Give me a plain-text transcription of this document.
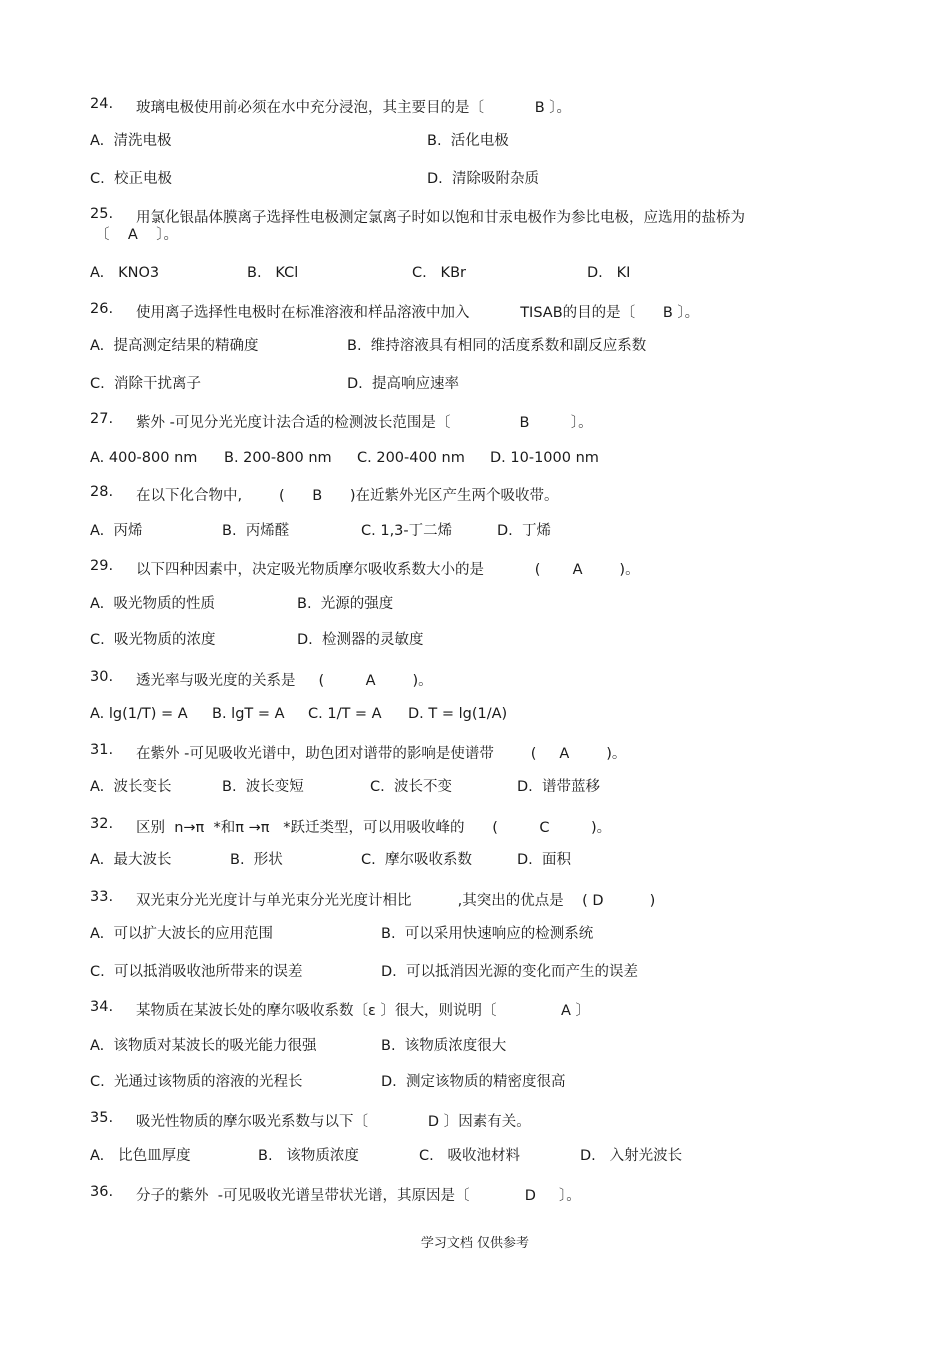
24.	玻璃电极使用前必须在水中充分浸泡，其主要目的是〔           B 〕。
A.  清洗电极	B.  活化电极
C.  校正电极	D.  清除吸附杂质
25.	用氯化银晶体膜离子选择性电极测定氯离子时如以饱和甘汞电极作为参比电极，应选用的盐桥为
〔    A    〕。
A.   KNO3	B.   KCl	C.   KBr	D.   KI
26.	使用离子选择性电极时在标准溶液和样品溶液中加入           TISAB的目的是〔      B 〕。
A.  提高测定结果的精确度	B.  维持溶液具有相同的活度系数和副反应系数
C.  消除干扰离子	D.  提高响应速率
27.	紫外 -可见分光光度计法合适的检测波长范围是〔               B         〕。
A. 400-800 nm B. 200-800 nm C. 200-400 nm D. 10-1000 nm
28.	在以下化合物中,        (      B      )在近紫外光区产生两个吸收带。
A.  丙烯	B.  丙烯醛	C. 1,3-丁二烯	D.  丁烯
29.	以下四种因素中，决定吸光物质摩尔吸收系数大小的是           (       A        )。
A.  吸光物质的性质	B.  光源的强度
C.  吸光物质的浓度	D.  检测器的灵敏度
30.	透光率与吸光度的关系是     (         A        )。
A. lg(1/T) = A B. lgT = A C. 1/T = A D. T = lg(1/A)
31.	在紫外 -可见吸收光谱中，助色团对谱带的影响是使谱带        (     A        )。
A.  波长变长	B.  波长变短	C.  波长不变	D.  谱带蓝移
32.	区别  n→π  *和π →π   *跃迁类型，可以用吸收峰的      (         C         )。
A.  最大波长	B.  形状	C.  摩尔吸收系数	D.  面积
33.	双光束分光光度计与单光束分光光度计相比          ,其突出的优点是    ( D          )
A.  可以扩大波长的应用范围	B.  可以采用快速响应的检测系统
C.  可以抵消吸收池所带来的误差	D.  可以抵消因光源的变化而产生的误差
34.	某物质在某波长处的摩尔吸收系数〔ε 〕很大，则说明〔              A 〕
A.  该物质对某波长的吸光能力很强	B.  该物质浓度很大
C.  光通过该物质的溶液的光程长	D.  测定该物质的精密度很高
35.	吸光性物质的摩尔吸光系数与以下〔             D 〕因素有关。
A.   比色皿厚度	B.   该物质浓度	C.   吸收池材料	D.   入射光波长
36.	分子的紫外  -可见吸收光谱呈带状光谱，其原因是〔            D     〕。
学习文档 仅供参考
